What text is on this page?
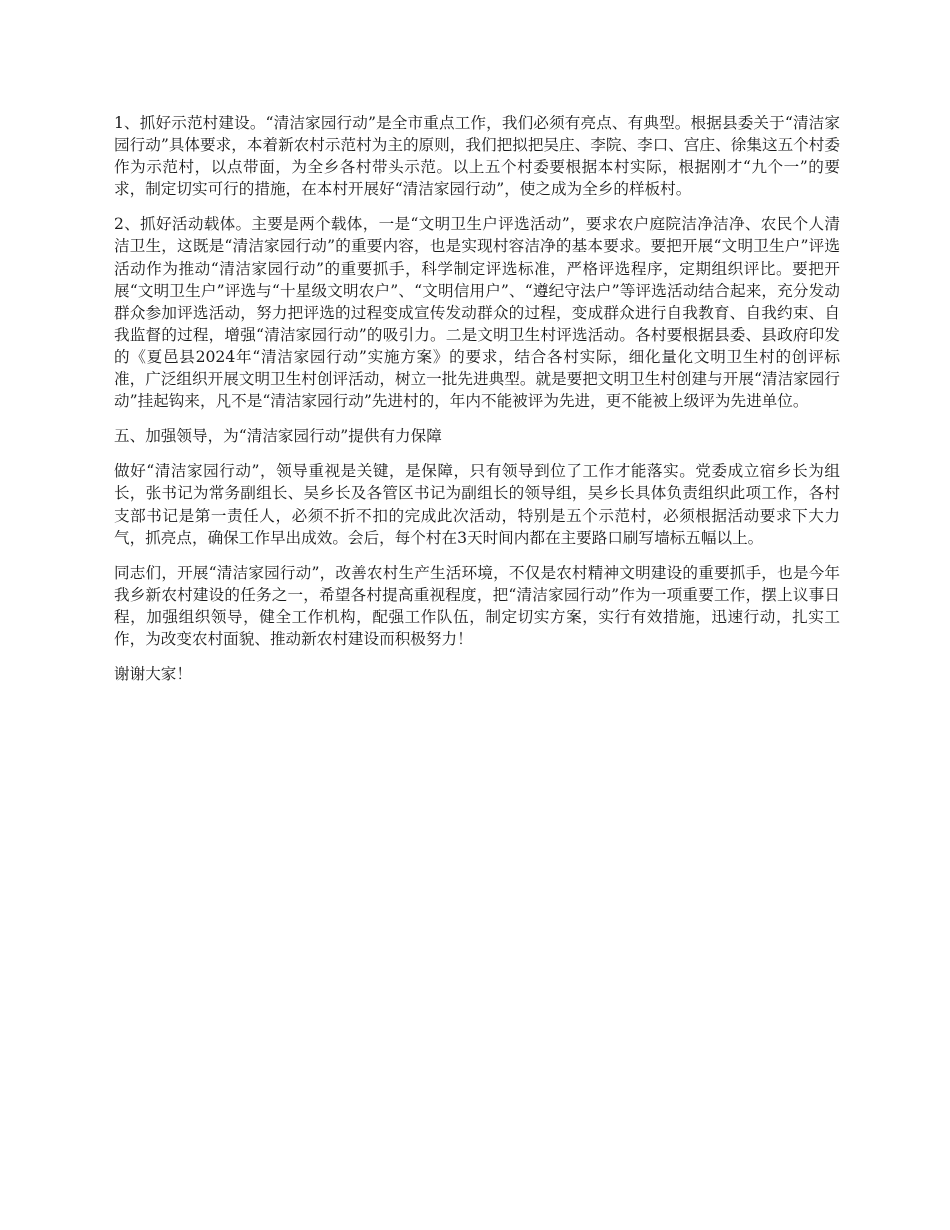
1、抓好示范村建设。“清洁家园行动”是全市重点工作，我们必须有亮点、有典型。根据县委关于“清洁家园行动”具体要求，本着新农村示范村为主的原则，我们把拟把吴庄、李院、李口、宫庄、徐集这五个村委作为示范村，以点带面，为全乡各村带头示范。以上五个村委要根据本村实际，根据刚才“九个一”的要求，制定切实可行的措施，在本村开展好“清洁家园行动”，使之成为全乡的样板村。

2、抓好活动载体。主要是两个载体，一是“文明卫生户评选活动”，要求农户庭院洁净洁净、农民个人清洁卫生，这既是“清洁家园行动”的重要内容，也是实现村容洁净的基本要求。要把开展“文明卫生户”评选活动作为推动“清洁家园行动”的重要抓手，科学制定评选标准，严格评选程序，定期组织评比。要把开展“文明卫生户”评选与“十星级文明农户”、“文明信用户”、“遵纪守法户”等评选活动结合起来，充分发动群众参加评选活动，努力把评选的过程变成宣传发动群众的过程，变成群众进行自我教育、自我约束、自我监督的过程，增强“清洁家园行动”的吸引力。二是文明卫生村评选活动。各村要根据县委、县政府印发的《夏邑县2024年“清洁家园行动”实施方案》的要求，结合各村实际，细化量化文明卫生村的创评标准，广泛组织开展文明卫生村创评活动，树立一批先进典型。就是要把文明卫生村创建与开展“清洁家园行动”挂起钩来，凡不是“清洁家园行动”先进村的，年内不能被评为先进，更不能被上级评为先进单位。

五、加强领导，为“清洁家园行动”提供有力保障

做好“清洁家园行动”，领导重视是关键，是保障，只有领导到位了工作才能落实。党委成立宿乡长为组长，张书记为常务副组长、吴乡长及各管区书记为副组长的领导组，吴乡长具体负责组织此项工作，各村支部书记是第一责任人，必须不折不扣的完成此次活动，特别是五个示范村，必须根据活动要求下大力气，抓亮点，确保工作早出成效。会后，每个村在3天时间内都在主要路口刷写墙标五幅以上。

同志们，开展“清洁家园行动”，改善农村生产生活环境，不仅是农村精神文明建设的重要抓手，也是今年我乡新农村建设的任务之一，希望各村提高重视程度，把“清洁家园行动”作为一项重要工作，摆上议事日程，加强组织领导，健全工作机构，配强工作队伍，制定切实方案，实行有效措施，迅速行动，扎实工作，为改变农村面貌、推动新农村建设而积极努力！

谢谢大家！
